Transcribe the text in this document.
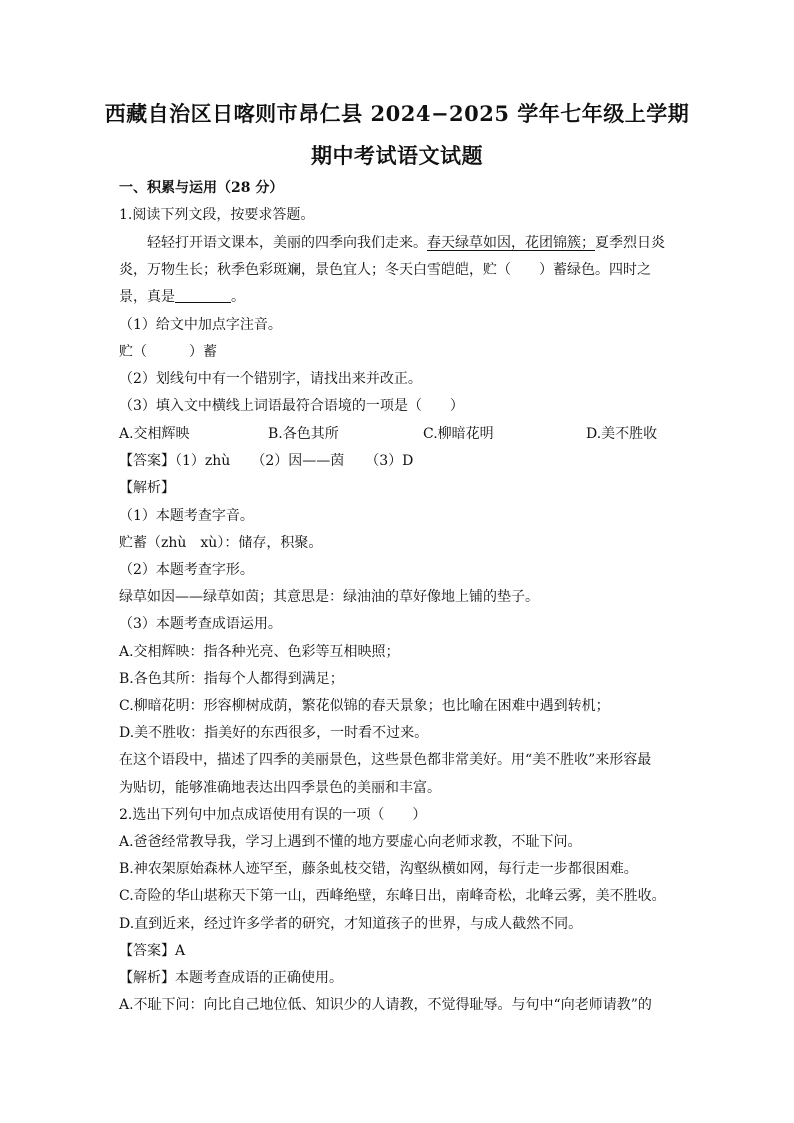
西藏自治区日喀则市昂仁县 2024−2025 学年七年级上学期
期中考试语文试题
一、积累与运用（28 分）
1.阅读下列文段，按要求答题。
轻轻打开语文课本，美丽的四季向我们走来。春天绿草如因，花团锦簇；夏季烈日炎
炎，万物生长；秋季色彩斑斓，景色宜人；冬天白雪皑皑，贮（　　）蓄绿色。四时之
景，真是	。
（1）给文中加点字注音。
贮（　　　）蓄
（2）划线句中有一个错别字，请找出来并改正。
（3）填入文中横线上词语最符合语境的一项是（　　）
A.交相辉映	B.各色其所	C.柳暗花明	D.美不胜收
【答案】（1）zhù　　（2）因——茵　　（3）D
【解析】
（1）本题考查字音。
贮蓄（zhù　xù）：储存，积聚。
（2）本题考查字形。
绿草如因——绿草如茵；其意思是：绿油油的草好像地上铺的垫子。
（3）本题考查成语运用。
A.交相辉映：指各种光亮、色彩等互相映照；
B.各色其所：指每个人都得到满足；
C.柳暗花明：形容柳树成荫，繁花似锦的春天景象；也比喻在困难中遇到转机；
D.美不胜收：指美好的东西很多，一时看不过来。
在这个语段中，描述了四季的美丽景色，这些景色都非常美好。用“美不胜收”来形容最
为贴切，能够准确地表达出四季景色的美丽和丰富。
2.选出下列句中加点成语使用有误的一项（　　）
A.爸爸经常教导我，学习上遇到不懂的地方要虚心向老师求教，不耻下问。
B.神农架原始森林人迹罕至，藤条虬枝交错，沟壑纵横如网，每行走一步都很困难。
C.奇险的华山堪称天下第一山，西峰绝壁，东峰日出，南峰奇松，北峰云雾，美不胜收。
D.直到近来，经过许多学者的研究，才知道孩子的世界，与成人截然不同。
【答案】A
【解析】本题考查成语的正确使用。
A.不耻下问：向比自己地位低、知识少的人请教，不觉得耻辱。与句中“向老师请教”的
